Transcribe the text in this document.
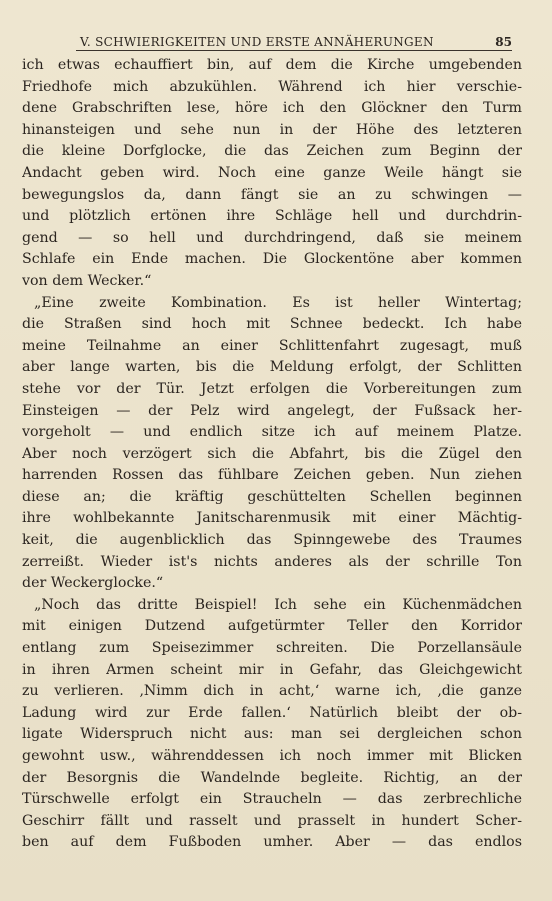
V. SCHWIERIGKEITEN UND ERSTE ANNÄHERUNGEN	85
ich etwas echauffiert bin, auf dem die Kirche umgebenden
Friedhofe mich abzukühlen. Während ich hier verschie-
dene Grabschriften lese, höre ich den Glöckner den Turm
hinansteigen und sehe nun in der Höhe des letzteren
die kleine Dorfglocke, die das Zeichen zum Beginn der
Andacht geben wird. Noch eine ganze Weile hängt sie
bewegungslos da, dann fängt sie an zu schwingen —
und plötzlich ertönen ihre Schläge hell und durchdrin-
gend — so hell und durchdringend, daß sie meinem
Schlafe ein Ende machen. Die Glockentöne aber kommen
von dem Wecker.“
„Eine zweite Kombination. Es ist heller Wintertag;
die Straßen sind hoch mit Schnee bedeckt. Ich habe
meine Teilnahme an einer Schlittenfahrt zugesagt, muß
aber lange warten, bis die Meldung erfolgt, der Schlitten
stehe vor der Tür. Jetzt erfolgen die Vorbereitungen zum
Einsteigen — der Pelz wird angelegt, der Fußsack her-
vorgeholt — und endlich sitze ich auf meinem Platze.
Aber noch verzögert sich die Abfahrt, bis die Zügel den
harrenden Rossen das fühlbare Zeichen geben. Nun ziehen
diese an; die kräftig geschüttelten Schellen beginnen
ihre wohlbekannte Janitscharenmusik mit einer Mächtig-
keit, die augenblicklich das Spinngewebe des Traumes
zerreißt. Wieder ist's nichts anderes als der schrille Ton
der Weckerglocke.“
„Noch das dritte Beispiel! Ich sehe ein Küchenmädchen
mit einigen Dutzend aufgetürmter Teller den Korridor
entlang zum Speisezimmer schreiten. Die Porzellansäule
in ihren Armen scheint mir in Gefahr, das Gleichgewicht
zu verlieren. ‚Nimm dich in acht,‘ warne ich, ‚die ganze
Ladung wird zur Erde fallen.‘ Natürlich bleibt der ob-
ligate Widerspruch nicht aus: man sei dergleichen schon
gewohnt usw., währenddessen ich noch immer mit Blicken
der Besorgnis die Wandelnde begleite. Richtig, an der
Türschwelle erfolgt ein Straucheln — das zerbrechliche
Geschirr fällt und rasselt und prasselt in hundert Scher-
ben auf dem Fußboden umher. Aber — das endlos
